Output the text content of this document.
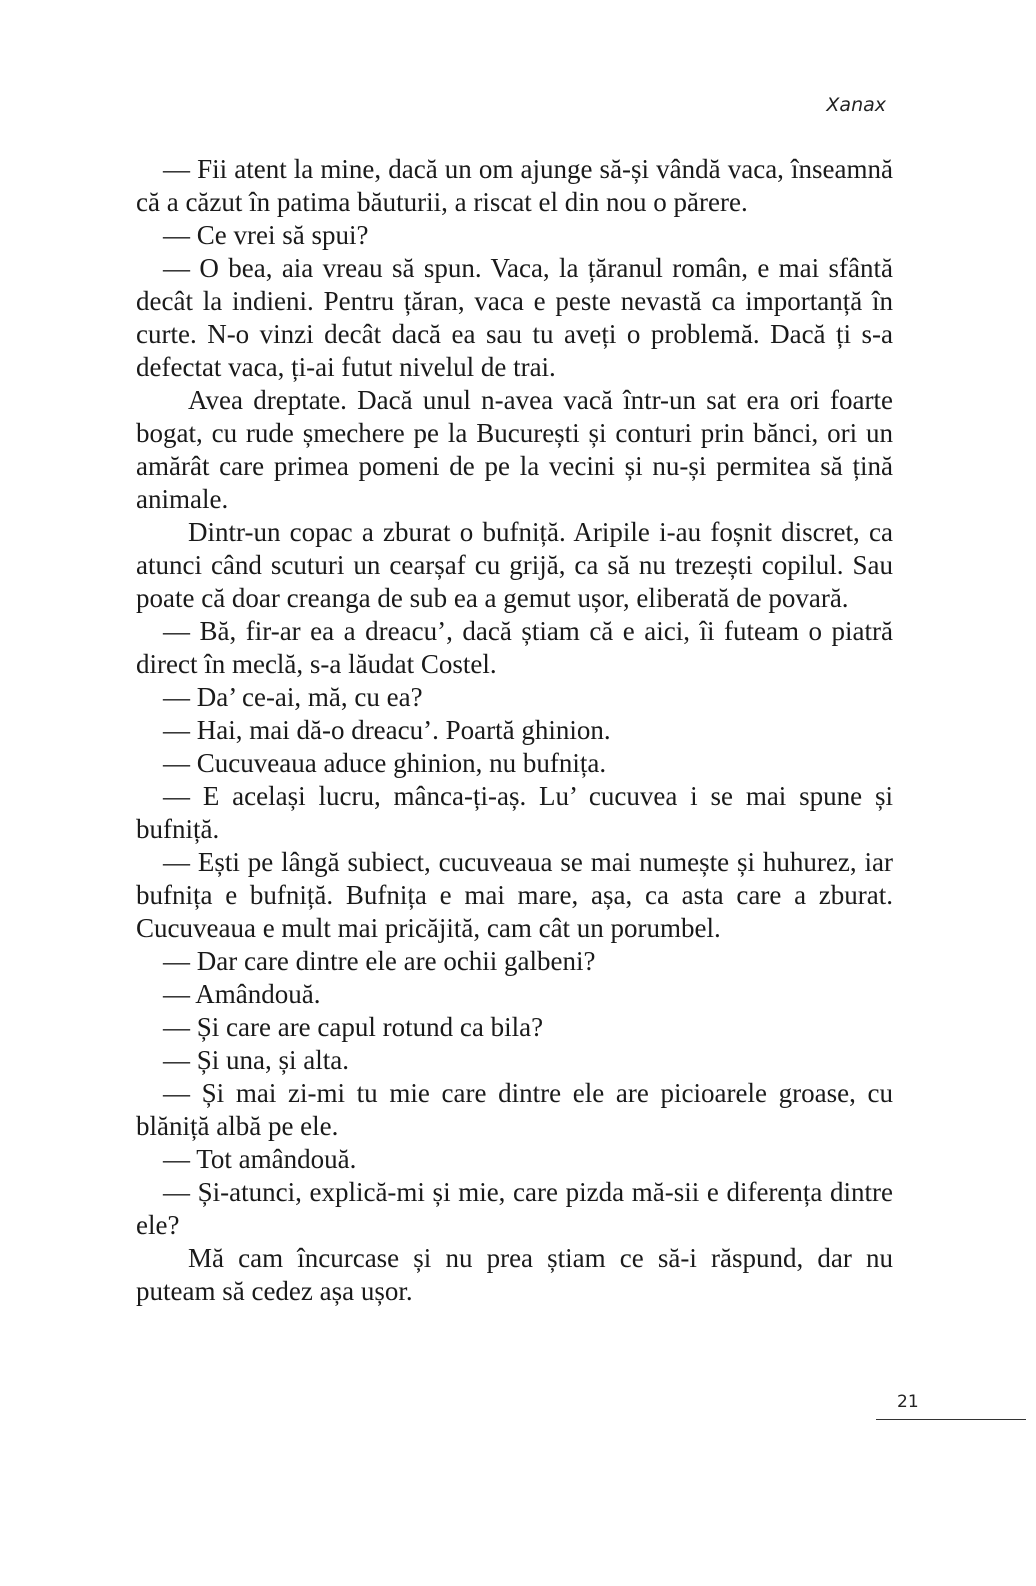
Xanax

— Fii atent la mine, dacă un om ajunge să-și vândă vaca, înseamnă că a căzut în patima băuturii, a riscat el din nou o părere.

— Ce vrei să spui?

— O bea, aia vreau să spun. Vaca, la țăranul român, e mai sfântă decât la indieni. Pentru țăran, vaca e peste nevastă ca importanță în curte. N-o vinzi decât dacă ea sau tu aveți o problemă. Dacă ți s-a defectat vaca, ți-ai futut nivelul de trai.

Avea dreptate. Dacă unul n-avea vacă într-un sat era ori foarte bogat, cu rude șmechere pe la București și conturi prin bănci, ori un amărât care primea pomeni de pe la vecini și nu-și permitea să țină animale.

Dintr-un copac a zburat o bufniță. Aripile i-au foșnit discret, ca atunci când scuturi un cearșaf cu grijă, ca să nu trezești copilul. Sau poate că doar creanga de sub ea a gemut ușor, eliberată de povară.

— Bă, fir-ar ea a dreacu’, dacă știam că e aici, îi futeam o piatră direct în meclă, s-a lăudat Costel.

— Da’ ce-ai, mă, cu ea?

— Hai, mai dă-o dreacu’. Poartă ghinion.

— Cucuveaua aduce ghinion, nu bufnița.

— E același lucru, mânca-ți-aș. Lu’ cucuvea i se mai spune și bufniță.

— Ești pe lângă subiect, cucuveaua se mai numește și huhurez, iar bufnița e bufniță. Bufnița e mai mare, așa, ca asta care a zburat. Cucuveaua e mult mai pricăjită, cam cât un porumbel.

— Dar care dintre ele are ochii galbeni?

— Amândouă.

— Și care are capul rotund ca bila?

— Și una, și alta.

— Și mai zi-mi tu mie care dintre ele are picioarele groase, cu blăniță albă pe ele.

— Tot amândouă.

— Și-atunci, explică-mi și mie, care pizda mă-sii e diferența dintre ele?

Mă cam încurcase și nu prea știam ce să-i răspund, dar nu puteam să cedez așa ușor.

21
